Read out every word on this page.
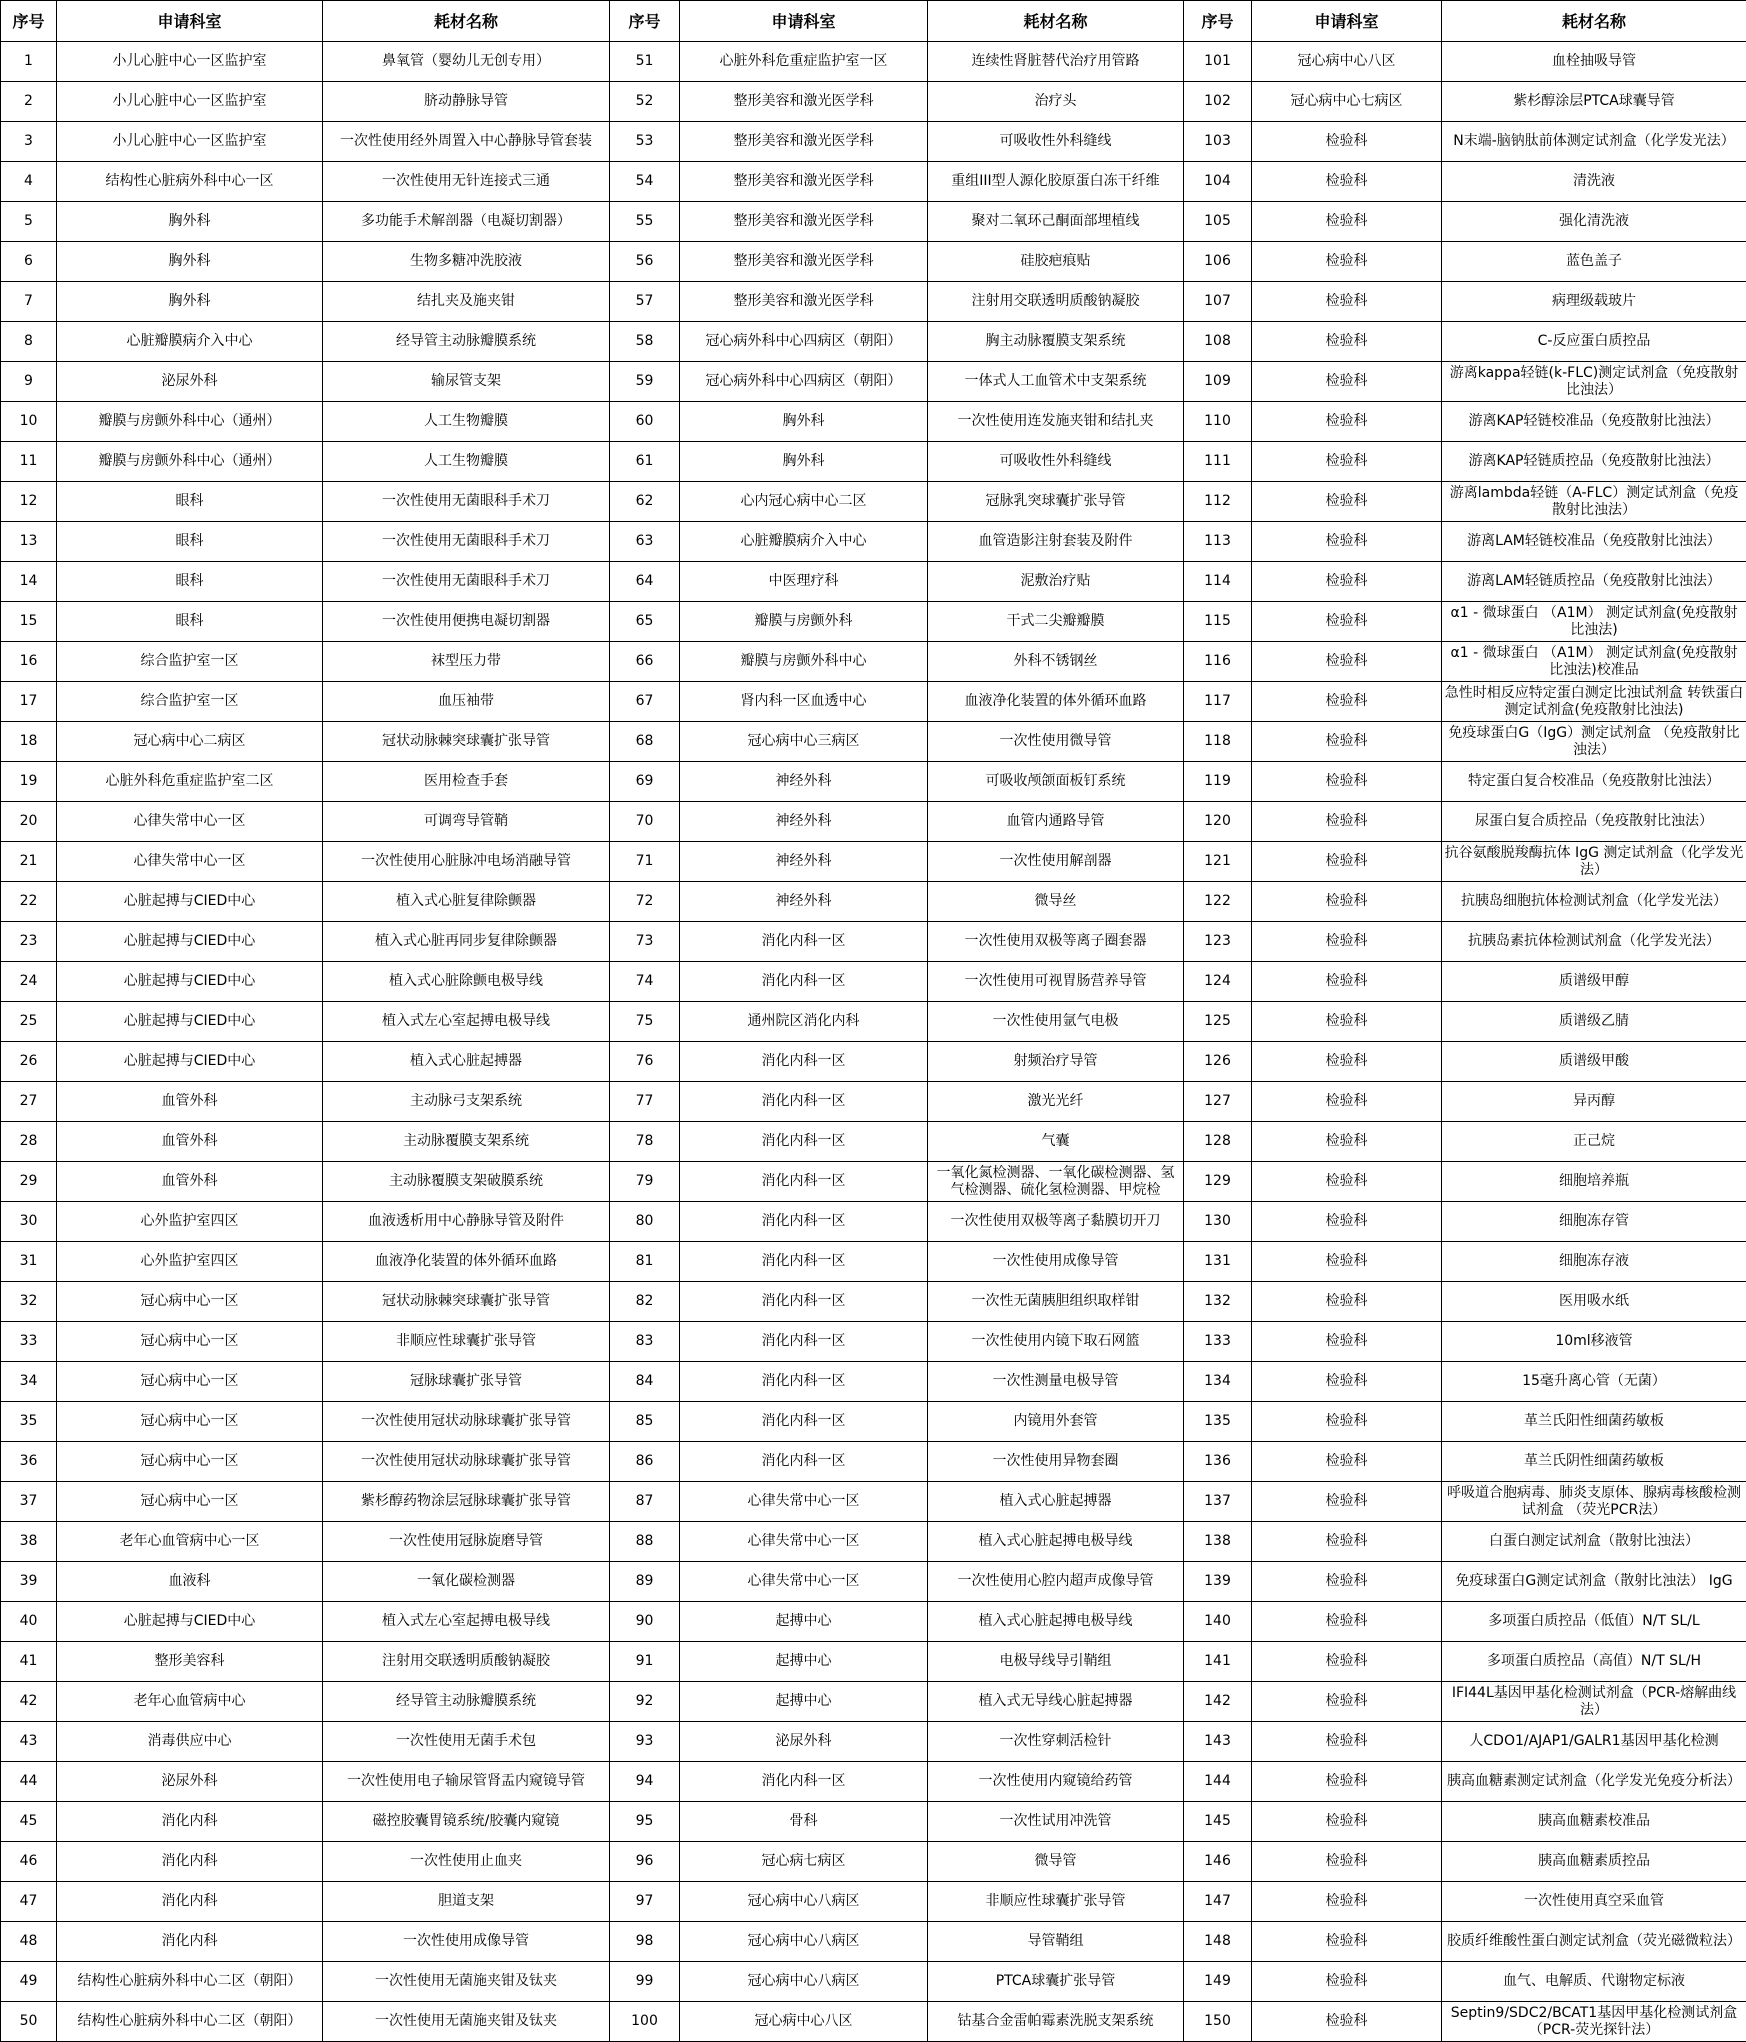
序号	申请科室	耗材名称	序号	申请科室	耗材名称	序号	申请科室	耗材名称
1	小儿心脏中心一区监护室	鼻氧管（婴幼儿无创专用）	51	心脏外科危重症监护室一区	连续性肾脏替代治疗用管路	101	冠心病中心八区	血栓抽吸导管
2	小儿心脏中心一区监护室	脐动静脉导管	52	整形美容和激光医学科	治疗头	102	冠心病中心七病区	紫杉醇涂层PTCA球囊导管
3	小儿心脏中心一区监护室	一次性使用经外周置入中心静脉导管套装	53	整形美容和激光医学科	可吸收性外科缝线	103	检验科	N末端-脑钠肽前体测定试剂盒（化学发光法）
4	结构性心脏病外科中心一区	一次性使用无针连接式三通	54	整形美容和激光医学科	重组III型人源化胶原蛋白冻干纤维	104	检验科	清洗液
5	胸外科	多功能手术解剖器（电凝切割器）	55	整形美容和激光医学科	聚对二氧环己酮面部埋植线	105	检验科	强化清洗液
6	胸外科	生物多糖冲洗胶液	56	整形美容和激光医学科	硅胶疤痕贴	106	检验科	蓝色盖子
7	胸外科	结扎夹及施夹钳	57	整形美容和激光医学科	注射用交联透明质酸钠凝胶	107	检验科	病理级载玻片
8	心脏瓣膜病介入中心	经导管主动脉瓣膜系统	58	冠心病外科中心四病区（朝阳）	胸主动脉覆膜支架系统	108	检验科	C-反应蛋白质控品
9	泌尿外科	输尿管支架	59	冠心病外科中心四病区（朝阳）	一体式人工血管术中支架系统	109	检验科	游离kappa轻链(k-FLC)测定试剂盒（免疫散射比浊法）
10	瓣膜与房颤外科中心（通州）	人工生物瓣膜	60	胸外科	一次性使用连发施夹钳和结扎夹	110	检验科	游离KAP轻链校准品（免疫散射比浊法）
11	瓣膜与房颤外科中心（通州）	人工生物瓣膜	61	胸外科	可吸收性外科缝线	111	检验科	游离KAP轻链质控品（免疫散射比浊法）
12	眼科	一次性使用无菌眼科手术刀	62	心内冠心病中心二区	冠脉乳突球囊扩张导管	112	检验科	游离lambda轻链（A-FLC）测定试剂盒（免疫散射比浊法）
13	眼科	一次性使用无菌眼科手术刀	63	心脏瓣膜病介入中心	血管造影注射套装及附件	113	检验科	游离LAM轻链校准品（免疫散射比浊法）
14	眼科	一次性使用无菌眼科手术刀	64	中医理疗科	泥敷治疗贴	114	检验科	游离LAM轻链质控品（免疫散射比浊法）
15	眼科	一次性使用便携电凝切割器	65	瓣膜与房颤外科	干式二尖瓣瓣膜	115	检验科	α1 - 微球蛋白 （A1M） 测定试剂盒(免疫散射比浊法)
16	综合监护室一区	袜型压力带	66	瓣膜与房颤外科中心	外科不锈钢丝	116	检验科	α1 - 微球蛋白 （A1M） 测定试剂盒(免疫散射比浊法)校准品
17	综合监护室一区	血压袖带	67	肾内科一区血透中心	血液净化装置的体外循环血路	117	检验科	急性时相反应特定蛋白测定比浊试剂盒 转铁蛋白测定试剂盒(免疫散射比浊法)
18	冠心病中心二病区	冠状动脉棘突球囊扩张导管	68	冠心病中心三病区	一次性使用微导管	118	检验科	免疫球蛋白G（IgG）测定试剂盒 （免疫散射比浊法）
19	心脏外科危重症监护室二区	医用检查手套	69	神经外科	可吸收颅颌面板钉系统	119	检验科	特定蛋白复合校准品（免疫散射比浊法）
20	心律失常中心一区	可调弯导管鞘	70	神经外科	血管内通路导管	120	检验科	尿蛋白复合质控品（免疫散射比浊法）
21	心律失常中心一区	一次性使用心脏脉冲电场消融导管	71	神经外科	一次性使用解剖器	121	检验科	抗谷氨酸脱羧酶抗体 IgG 测定试剂盒（化学发光法）
22	心脏起搏与CIED中心	植入式心脏复律除颤器	72	神经外科	微导丝	122	检验科	抗胰岛细胞抗体检测试剂盒（化学发光法）
23	心脏起搏与CIED中心	植入式心脏再同步复律除颤器	73	消化内科一区	一次性使用双极等离子圈套器	123	检验科	抗胰岛素抗体检测试剂盒（化学发光法）
24	心脏起搏与CIED中心	植入式心脏除颤电极导线	74	消化内科一区	一次性使用可视胃肠营养导管	124	检验科	质谱级甲醇
25	心脏起搏与CIED中心	植入式左心室起搏电极导线	75	通州院区消化内科	一次性使用氩气电极	125	检验科	质谱级乙腈
26	心脏起搏与CIED中心	植入式心脏起搏器	76	消化内科一区	射频治疗导管	126	检验科	质谱级甲酸
27	血管外科	主动脉弓支架系统	77	消化内科一区	激光光纤	127	检验科	异丙醇
28	血管外科	主动脉覆膜支架系统	78	消化内科一区	气囊	128	检验科	正己烷
29	血管外科	主动脉覆膜支架破膜系统	79	消化内科一区	一氧化氮检测器、一氧化碳检测器、氢气检测器、硫化氢检测器、甲烷检	129	检验科	细胞培养瓶
30	心外监护室四区	血液透析用中心静脉导管及附件	80	消化内科一区	一次性使用双极等离子黏膜切开刀	130	检验科	细胞冻存管
31	心外监护室四区	血液净化装置的体外循环血路	81	消化内科一区	一次性使用成像导管	131	检验科	细胞冻存液
32	冠心病中心一区	冠状动脉棘突球囊扩张导管	82	消化内科一区	一次性无菌胰胆组织取样钳	132	检验科	医用吸水纸
33	冠心病中心一区	非顺应性球囊扩张导管	83	消化内科一区	一次性使用内镜下取石网篮	133	检验科	10ml移液管
34	冠心病中心一区	冠脉球囊扩张导管	84	消化内科一区	一次性测量电极导管	134	检验科	15毫升离心管（无菌）
35	冠心病中心一区	一次性使用冠状动脉球囊扩张导管	85	消化内科一区	内镜用外套管	135	检验科	革兰氏阳性细菌药敏板
36	冠心病中心一区	一次性使用冠状动脉球囊扩张导管	86	消化内科一区	一次性使用异物套圈	136	检验科	革兰氏阴性细菌药敏板
37	冠心病中心一区	紫杉醇药物涂层冠脉球囊扩张导管	87	心律失常中心一区	植入式心脏起搏器	137	检验科	呼吸道合胞病毒、肺炎支原体、腺病毒核酸检测试剂盒 （荧光PCR法）
38	老年心血管病中心一区	一次性使用冠脉旋磨导管	88	心律失常中心一区	植入式心脏起搏电极导线	138	检验科	白蛋白测定试剂盒（散射比浊法）
39	血液科	一氧化碳检测器	89	心律失常中心一区	一次性使用心腔内超声成像导管	139	检验科	免疫球蛋白G测定试剂盒（散射比浊法） IgG
40	心脏起搏与CIED中心	植入式左心室起搏电极导线	90	起搏中心	植入式心脏起搏电极导线	140	检验科	多项蛋白质控品（低值）N/T SL/L
41	整形美容科	注射用交联透明质酸钠凝胶	91	起搏中心	电极导线导引鞘组	141	检验科	多项蛋白质控品（高值）N/T SL/H
42	老年心血管病中心	经导管主动脉瓣膜系统	92	起搏中心	植入式无导线心脏起搏器	142	检验科	IFI44L基因甲基化检测试剂盒（PCR-熔解曲线法）
43	消毒供应中心	一次性使用无菌手术包	93	泌尿外科	一次性穿刺活检针	143	检验科	人CDO1/AJAP1/GALR1基因甲基化检测
44	泌尿外科	一次性使用电子输尿管肾盂内窥镜导管	94	消化内科一区	一次性使用内窥镜给药管	144	检验科	胰高血糖素测定试剂盒（化学发光免疫分析法）
45	消化内科	磁控胶囊胃镜系统/胶囊内窥镜	95	骨科	一次性试用冲洗管	145	检验科	胰高血糖素校准品
46	消化内科	一次性使用止血夹	96	冠心病七病区	微导管	146	检验科	胰高血糖素质控品
47	消化内科	胆道支架	97	冠心病中心八病区	非顺应性球囊扩张导管	147	检验科	一次性使用真空采血管
48	消化内科	一次性使用成像导管	98	冠心病中心八病区	导管鞘组	148	检验科	胶质纤维酸性蛋白测定试剂盒（荧光磁微粒法）
49	结构性心脏病外科中心二区（朝阳）	一次性使用无菌施夹钳及钛夹	99	冠心病中心八病区	PTCA球囊扩张导管	149	检验科	血气、电解质、代谢物定标液
50	结构性心脏病外科中心二区（朝阳）	一次性使用无菌施夹钳及钛夹	100	冠心病中心八区	钴基合金雷帕霉素洗脱支架系统	150	检验科	Septin9/SDC2/BCAT1基因甲基化检测试剂盒（PCR-荧光探针法）
